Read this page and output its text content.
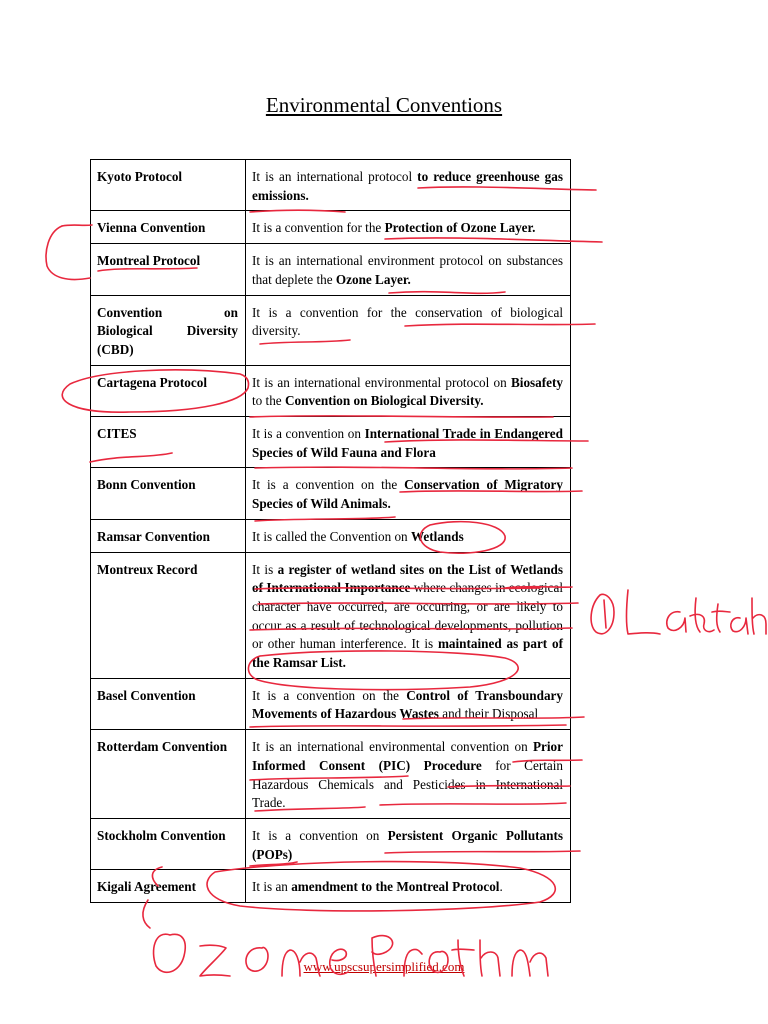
Environmental Conventions
Kyoto Protocol	It is an international protocol to reduce greenhouse gas emissions.
Vienna Convention	It is a convention for the Protection of Ozone Layer.
Montreal Protocol	It is an international environment protocol on substances that deplete the Ozone Layer.
Convention on Biological Diversity (CBD)	It is a convention for the conservation of biological diversity.
Cartagena Protocol	It is an international environmental protocol on Biosafety to the Convention on Biological Diversity.
CITES	It is a convention on International Trade in Endangered Species of Wild Fauna and Flora
Bonn Convention	It is a convention on the Conservation of Migratory Species of Wild Animals.
Ramsar Convention	It is called the Convention on Wetlands
Montreux Record	It is a register of wetland sites on the List of Wetlands of International Importance where changes in ecological character have occurred, are occurring, or are likely to occur as a result of technological developments, pollution or other human interference. It is maintained as part of the Ramsar List.
Basel Convention	It is a convention on the Control of Transboundary Movements of Hazardous Wastes and their Disposal
Rotterdam Convention	It is an international environmental convention on Prior Informed Consent (PIC) Procedure for Certain Hazardous Chemicals and Pesticides in International Trade.
Stockholm Convention	It is a convention on Persistent Organic Pollutants (POPs)
Kigali Agreement	It is an amendment to the Montreal Protocol.
www.upscsupersimplified.com
